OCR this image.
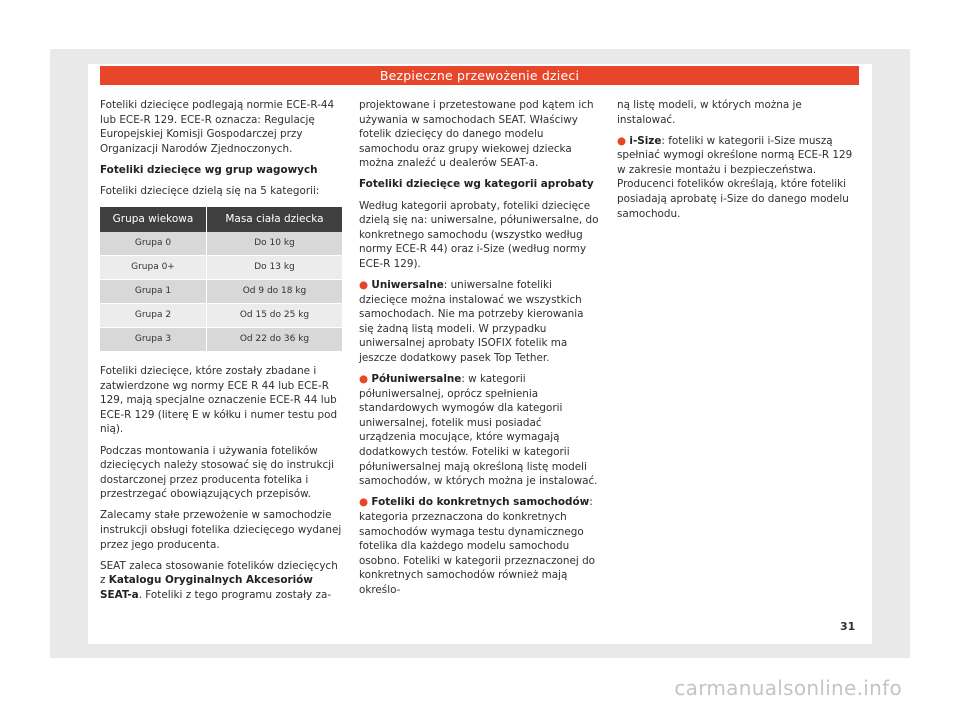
Bezpieczne przewożenie dzieci

Foteliki dziecięce podlegają normie ECE-R-44 lub ECE-R 129. ECE-R oznacza: Regulację Europejskiej Komisji Gospodarczej przy Organizacji Narodów Zjednoczonych.

Foteliki dziecięce wg grup wagowych

Foteliki dziecięce dzielą się na 5 kategorii:

Grupa wiekowa	Masa ciała dziecka
Grupa 0	Do 10 kg
Grupa 0+	Do 13 kg
Grupa 1	Od 9 do 18 kg
Grupa 2	Od 15 do 25 kg
Grupa 3	Od 22 do 36 kg

Foteliki dziecięce, które zostały zbadane i zatwierdzone wg normy ECE R 44 lub ECE-R 129, mają specjalne oznaczenie ECE-R 44 lub ECE-R 129 (literę E w kółku i numer testu pod nią).

Podczas montowania i używania fotelików dziecięcych należy stosować się do instrukcji dostarczonej przez producenta fotelika i przestrzegać obowiązujących przepisów.

Zalecamy stałe przewożenie w samochodzie instrukcji obsługi fotelika dziecięcego wydanej przez jego producenta.

SEAT zaleca stosowanie fotelików dziecięcych z Katalogu Oryginalnych Akcesoriów SEAT-a. Foteliki z tego programu zostały za-

projektowane i przetestowane pod kątem ich używania w samochodach SEAT. Właściwy fotelik dziecięcy do danego modelu samochodu oraz grupy wiekowej dziecka można znaleźć u dealerów SEAT-a.

Foteliki dziecięce wg kategorii aprobaty

Według kategorii aprobaty, foteliki dziecięce dzielą się na: uniwersalne, półuniwersalne, do konkretnego samochodu (wszystko według normy ECE-R 44) oraz i-Size (według normy ECE-R 129).

● Uniwersalne: uniwersalne foteliki dziecięce można instalować we wszystkich samochodach. Nie ma potrzeby kierowania się żadną listą modeli. W przypadku uniwersalnej aprobaty ISOFIX fotelik ma jeszcze dodatkowy pasek Top Tether.

● Półuniwersalne: w kategorii półuniwersalnej, oprócz spełnienia standardowych wymogów dla kategorii uniwersalnej, fotelik musi posiadać urządzenia mocujące, które wymagają dodatkowych testów. Foteliki w kategorii półuniwersalnej mają określoną listę modeli samochodów, w których można je instalować.

● Foteliki do konkretnych samochodów: kategoria przeznaczona do konkretnych samochodów wymaga testu dynamicznego fotelika dla każdego modelu samochodu osobno. Foteliki w kategorii przeznaczonej do konkretnych samochodów również mają określo-

ną listę modeli, w których można je instalować.

● i-Size: foteliki w kategorii i-Size muszą spełniać wymogi określone normą ECE-R 129 w zakresie montażu i bezpieczeństwa. Producenci fotelików określają, które foteliki posiadają aprobatę i-Size do danego modelu samochodu.

31
carmanualsonline.info
